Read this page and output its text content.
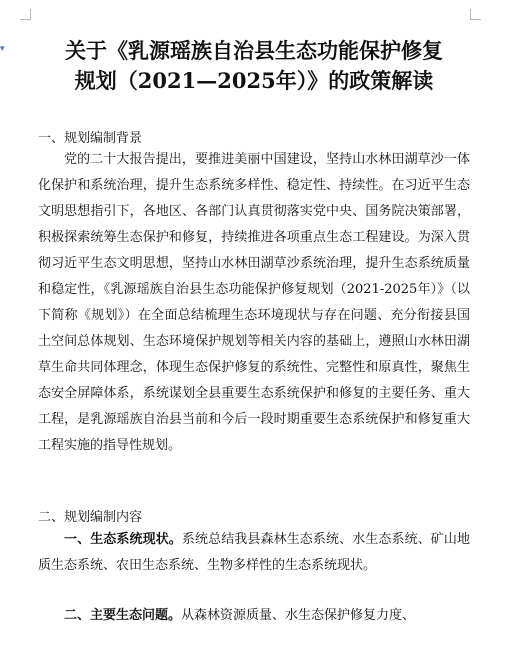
▾	关于《乳源瑶族自治县生态功能保护修复
规划（2021—2025年）》的政策解读
一、规划编制背景

党的二十大报告提出，要推进美丽中国建设，坚持山水林田湖草沙一体化保护和系统治理，提升生态系统多样性、稳定性、持续性。在习近平生态文明思想指引下，各地区、各部门认真贯彻落实党中央、国务院决策部署，积极探索统筹生态保护和修复，持续推进各项重点生态工程建设。为深入贯彻习近平生态文明思想，坚持山水林田湖草沙系统治理，提升生态系统质量和稳定性，《乳源瑶族自治县生态功能保护修复规划（2021-2025年）》（以下简称《规划》）在全面总结梳理生态环境现状与存在问题、充分衔接县国土空间总体规划、生态环境保护规划等相关内容的基础上，遵照山水林田湖草生命共同体理念，体现生态保护修复的系统性、完整性和原真性，聚焦生态安全屏障体系，系统谋划全县重要生态系统保护和修复的主要任务、重大工程，是乳源瑶族自治县当前和今后一段时期重要生态系统保护和修复重大工程实施的指导性规划。

二、规划编制内容

一、生态系统现状。系统总结我县森林生态系统、水生态系统、矿山地质生态系统、农田生态系统、生物多样性的生态系统现状。

二、主要生态问题。从森林资源质量、水生态保护修复力度、
